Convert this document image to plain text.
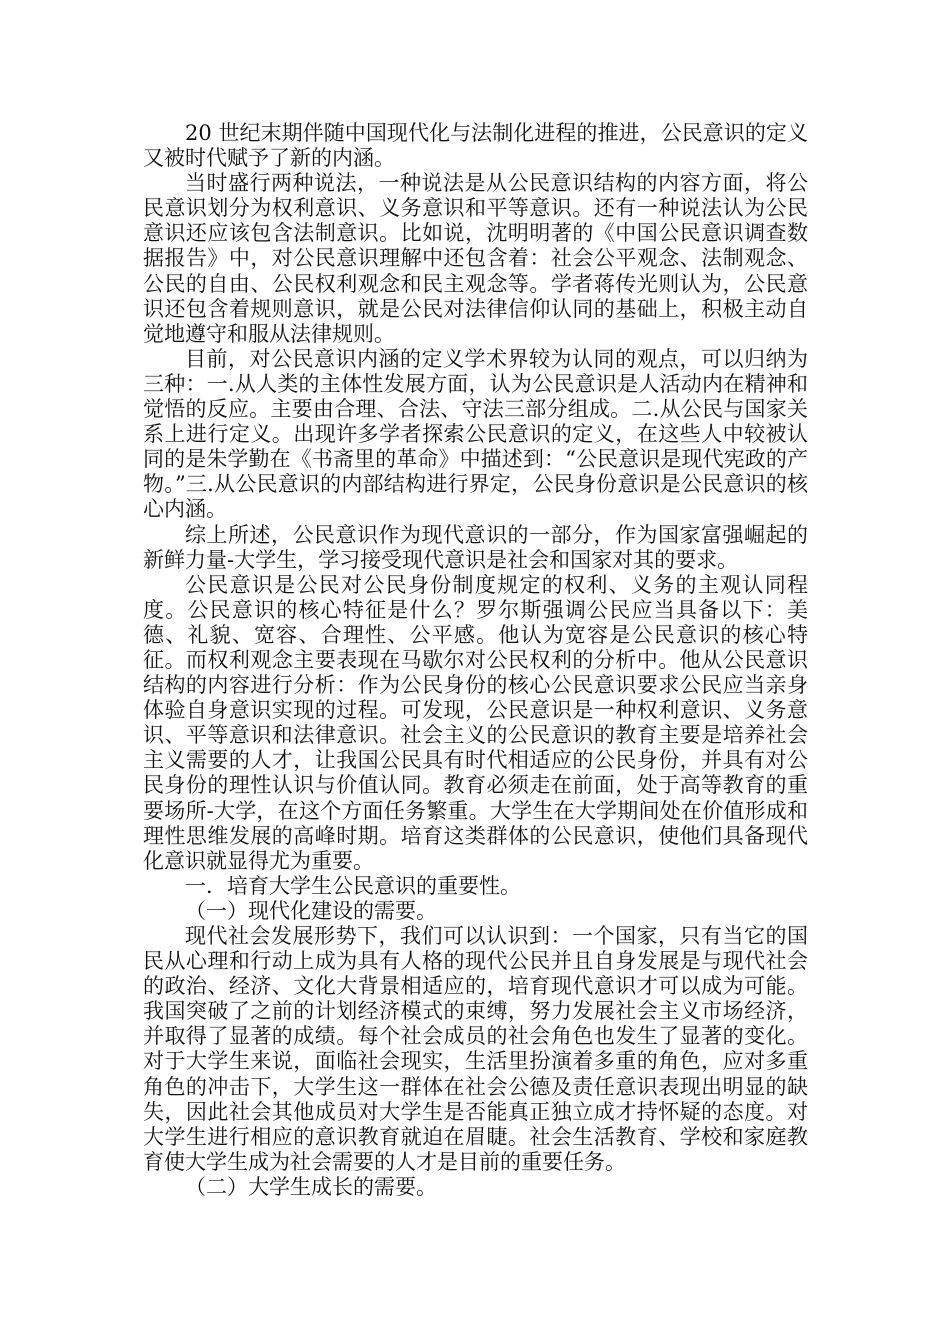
20 世纪末期伴随中国现代化与法制化进程的推进，公民意识的定义又被时代赋予了新的内涵。

当时盛行两种说法，一种说法是从公民意识结构的内容方面，将公民意识划分为权利意识、义务意识和平等意识。还有一种说法认为公民意识还应该包含法制意识。比如说，沈明明著的《中国公民意识调查数据报告》中，对公民意识理解中还包含着：社会公平观念、法制观念、公民的自由、公民权利观念和民主观念等。学者蒋传光则认为，公民意识还包含着规则意识，就是公民对法律信仰认同的基础上，积极主动自觉地遵守和服从法律规则。

目前，对公民意识内涵的定义学术界较为认同的观点，可以归纳为三种：一.从人类的主体性发展方面，认为公民意识是人活动内在精神和觉悟的反应。主要由合理、合法、守法三部分组成。二.从公民与国家关系上进行定义。出现许多学者探索公民意识的定义，在这些人中较被认同的是朱学勤在《书斋里的革命》中描述到：“公民意识是现代宪政的产物。”三.从公民意识的内部结构进行界定，公民身份意识是公民意识的核心内涵。

综上所述，公民意识作为现代意识的一部分，作为国家富强崛起的新鲜力量-大学生，学习接受现代意识是社会和国家对其的要求。

公民意识是公民对公民身份制度规定的权利、义务的主观认同程度。公民意识的核心特征是什么？罗尔斯强调公民应当具备以下：美德、礼貌、宽容、合理性、公平感。他认为宽容是公民意识的核心特征。而权利观念主要表现在马歇尔对公民权利的分析中。他从公民意识结构的内容进行分析：作为公民身份的核心公民意识要求公民应当亲身体验自身意识实现的过程。可发现，公民意识是一种权利意识、义务意识、平等意识和法律意识。社会主义的公民意识的教育主要是培养社会主义需要的人才，让我国公民具有时代相适应的公民身份，并具有对公民身份的理性认识与价值认同。教育必须走在前面，处于高等教育的重要场所-大学，在这个方面任务繁重。大学生在大学期间处在价值形成和理性思维发展的高峰时期。培育这类群体的公民意识，使他们具备现代化意识就显得尤为重要。

一．培育大学生公民意识的重要性。

（一）现代化建设的需要。

现代社会发展形势下，我们可以认识到：一个国家，只有当它的国民从心理和行动上成为具有人格的现代公民并且自身发展是与现代社会的政治、经济、文化大背景相适应的，培育现代意识才可以成为可能。我国突破了之前的计划经济模式的束缚，努力发展社会主义市场经济，并取得了显著的成绩。每个社会成员的社会角色也发生了显著的变化。对于大学生来说，面临社会现实，生活里扮演着多重的角色，应对多重角色的冲击下，大学生这一群体在社会公德及责任意识表现出明显的缺失，因此社会其他成员对大学生是否能真正独立成才持怀疑的态度。对大学生进行相应的意识教育就迫在眉睫。社会生活教育、学校和家庭教育使大学生成为社会需要的人才是目前的重要任务。

（二）大学生成长的需要。
